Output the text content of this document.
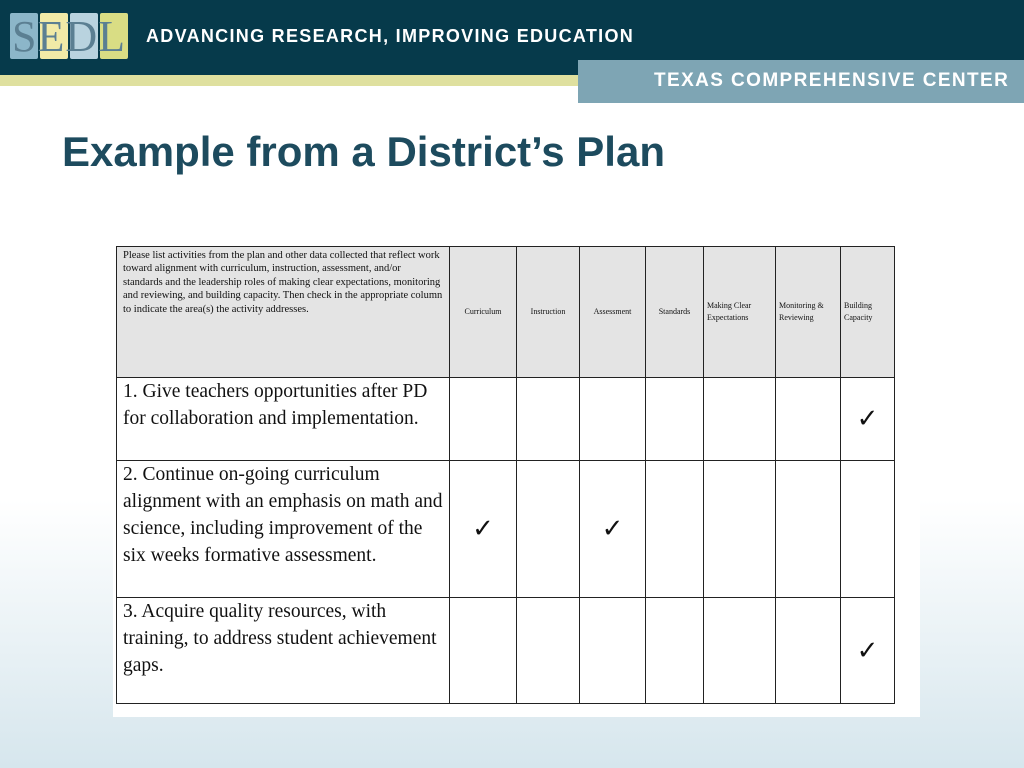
SEDL ADVANCING RESEARCH, IMPROVING EDUCATION
TEXAS COMPREHENSIVE CENTER
Example from a District’s Plan
Please list activities from the plan and other data collected that reflect work toward alignment with curriculum, instruction, assessment, and/or standards and the leadership roles of making clear expectations, monitoring and reviewing, and building capacity. Then check in the appropriate column to indicate the area(s) the activity addresses.	Curriculum	Instruction	Assessment	Standards	Making Clear Expectations	Monitoring & Reviewing	Building Capacity
1. Give teachers opportunities after PD for collaboration and implementation.							✓
2. Continue on-going curriculum alignment with an emphasis on math and science, including improvement of the six weeks formative assessment.	✓		✓				
3. Acquire quality resources, with training, to address student achievement gaps.							✓
